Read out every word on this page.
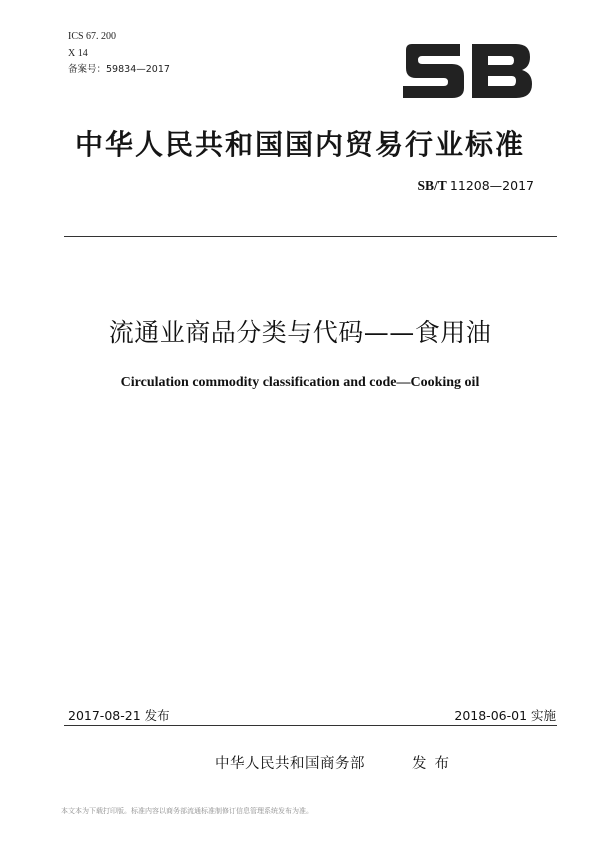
ICS 67. 200
X 14
备案号：59834—2017
中华人民共和国国内贸易行业标准
SB/T 11208—2017
流通业商品分类与代码——食用油
Circulation commodity classification and code—Cooking oil
2017-08-21 发布	2018-06-01 实施
中华人民共和国商务部	发布
本文本为下载打印版。标准内容以商务部流通标准制修订信息管理系统发布为准。
